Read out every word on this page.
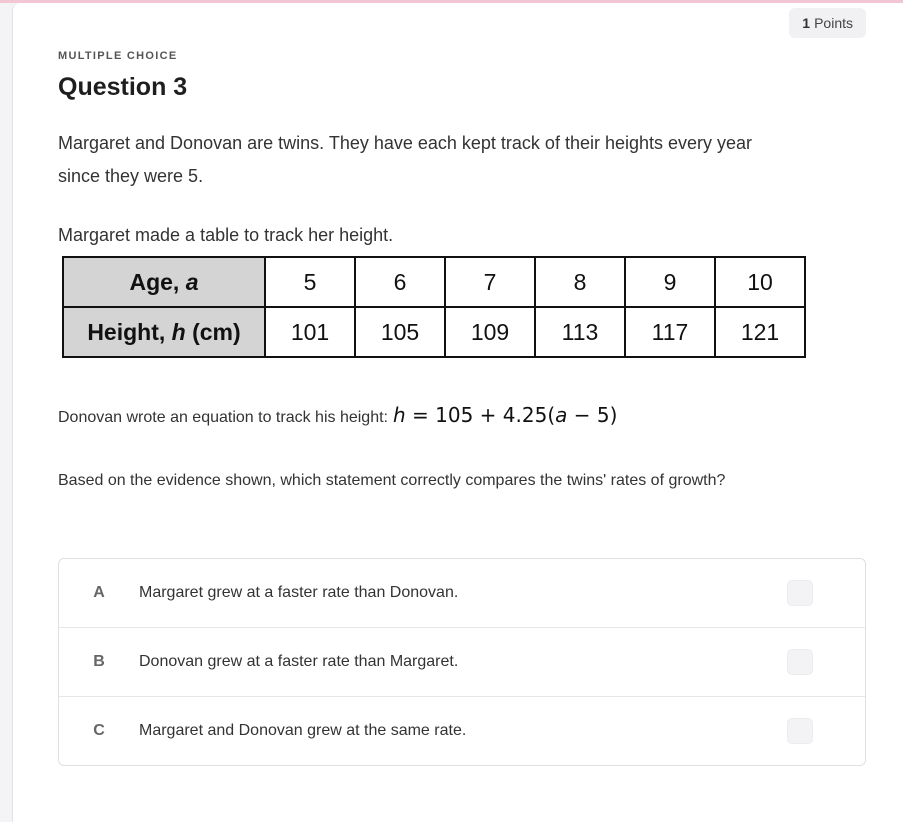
1 Points
MULTIPLE CHOICE
Question 3
Margaret and Donovan are twins. They have each kept track of their heights every year since they were 5.
Margaret made a table to track her height.
Age, a	5	6	7	8	9	10
Height, h (cm)	101	105	109	113	117	121
Donovan wrote an equation to track his height: h = 105 + 4.25(a − 5)
Based on the evidence shown, which statement correctly compares the twins' rates of growth?
A	Margaret grew at a faster rate than Donovan.
B	Donovan grew at a faster rate than Margaret.
C	Margaret and Donovan grew at the same rate.
